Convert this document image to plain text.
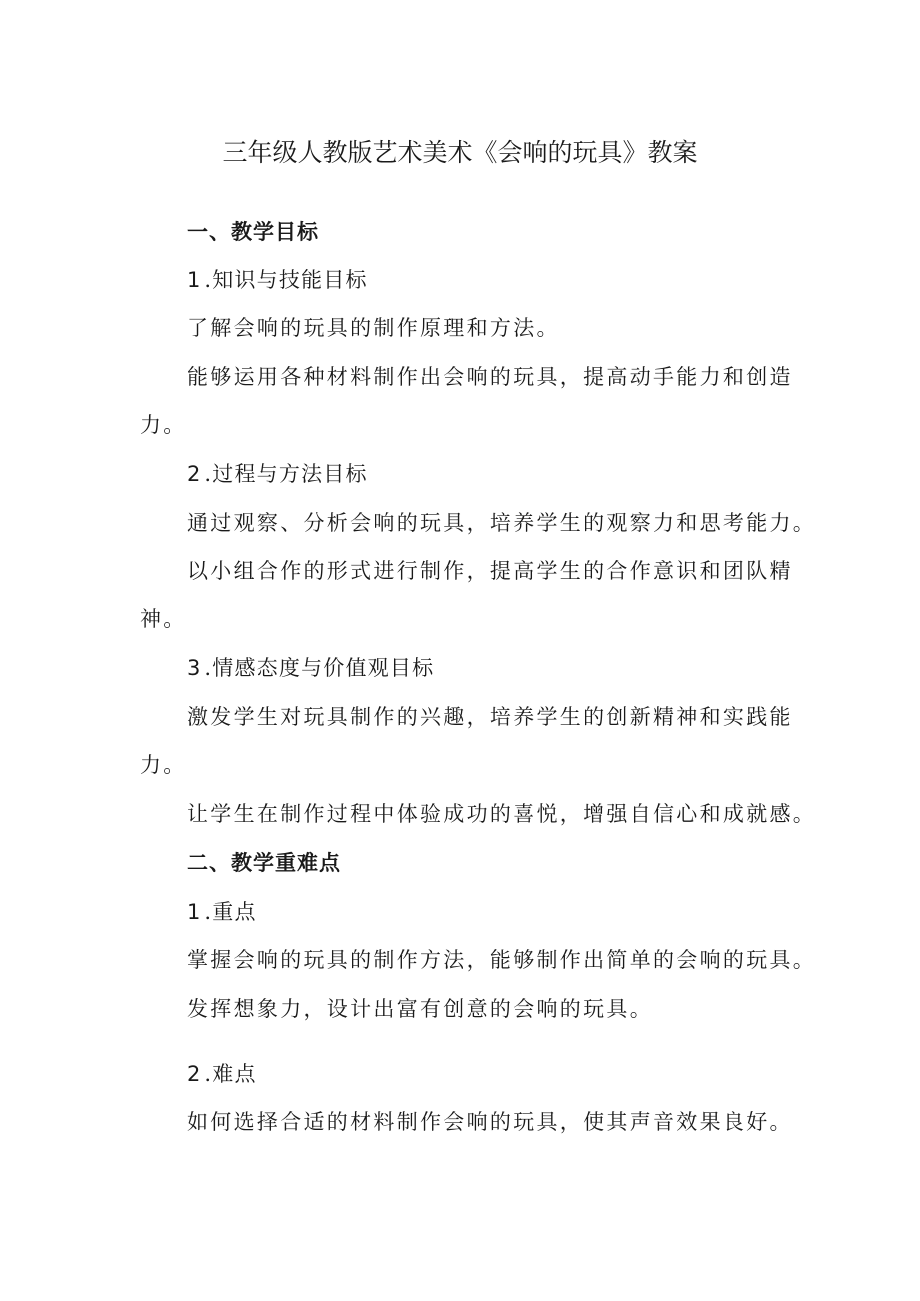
三年级人教版艺术美术《会响的玩具》教案
一、教学目标
1.知识与技能目标
了解会响的玩具的制作原理和方法。
能够运用各种材料制作出会响的玩具，提高动手能力和创造
力。
2.过程与方法目标
通过观察、分析会响的玩具，培养学生的观察力和思考能力。
以小组合作的形式进行制作，提高学生的合作意识和团队精
神。
3.情感态度与价值观目标
激发学生对玩具制作的兴趣，培养学生的创新精神和实践能
力。
让学生在制作过程中体验成功的喜悦，增强自信心和成就感。
二、教学重难点
1.重点
掌握会响的玩具的制作方法，能够制作出简单的会响的玩具。
发挥想象力，设计出富有创意的会响的玩具。
2.难点
如何选择合适的材料制作会响的玩具，使其声音效果良好。
